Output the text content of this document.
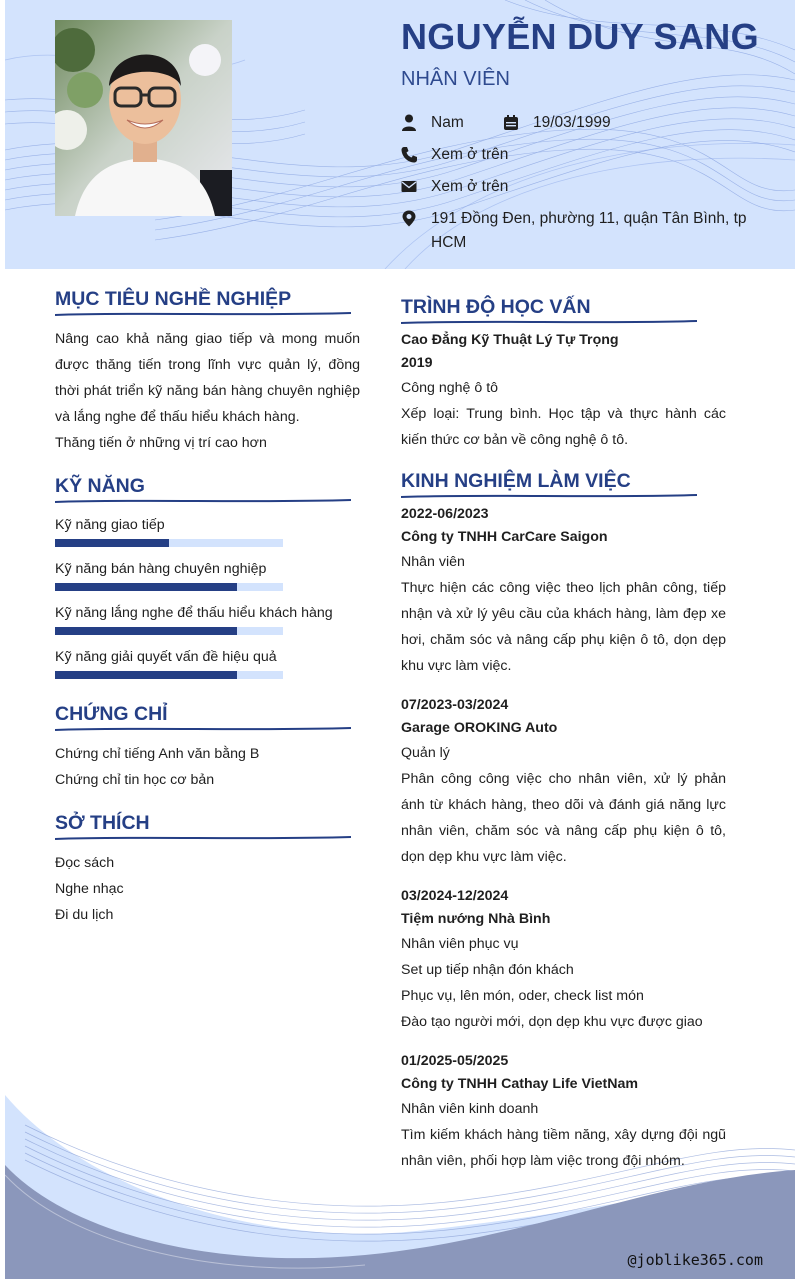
NGUYỄN DUY SANG
NHÂN VIÊN
Nam	19/03/1999
Xem ở trên
Xem ở trên
191 Đồng Đen, phường 11, quận Tân Bình, tp HCM
MỤC TIÊU NGHỀ NGHIỆP
Nâng cao khả năng giao tiếp và mong muốn được thăng tiến trong lĩnh vực quản lý, đồng thời phát triển kỹ năng bán hàng chuyên nghiệp và lắng nghe để thấu hiểu khách hàng.
Thăng tiến ở những vị trí cao hơn
KỸ NĂNG
Kỹ năng giao tiếp
Kỹ năng bán hàng chuyên nghiệp
Kỹ năng lắng nghe để thấu hiểu khách hàng
Kỹ năng giải quyết vấn đề hiệu quả
CHỨNG CHỈ
Chứng chỉ tiếng Anh văn bằng B
Chứng chỉ tin học cơ bản
SỞ THÍCH
Đọc sách
Nghe nhạc
Đi du lịch
TRÌNH ĐỘ HỌC VẤN
Cao Đẳng Kỹ Thuật Lý Tự Trọng
2019
Công nghệ ô tô
Xếp loại: Trung bình. Học tập và thực hành các kiến thức cơ bản về công nghệ ô tô.
KINH NGHIỆM LÀM VIỆC
2022-06/2023
Công ty TNHH CarCare Saigon
Nhân viên
Thực hiện các công việc theo lịch phân công, tiếp nhận và xử lý yêu cầu của khách hàng, làm đẹp xe hơi, chăm sóc và nâng cấp phụ kiện ô tô, dọn dẹp khu vực làm việc.
07/2023-03/2024
Garage OROKING Auto
Quản lý
Phân công công việc cho nhân viên, xử lý phản ánh từ khách hàng, theo dõi và đánh giá năng lực nhân viên, chăm sóc và nâng cấp phụ kiện ô tô, dọn dẹp khu vực làm việc.
03/2024-12/2024
Tiệm nướng Nhà Bình
Nhân viên phục vụ
Set up tiếp nhận đón khách
Phục vụ, lên món, oder, check list món
Đào tạo người mới, dọn dẹp khu vực được giao
@joblike365.com
01/2025-05/2025
Công ty TNHH Cathay Life VietNam
Nhân viên kinh doanh
Tìm kiếm khách hàng tiềm năng, xây dựng đội ngũ nhân viên, phối hợp làm việc trong đội nhóm.
